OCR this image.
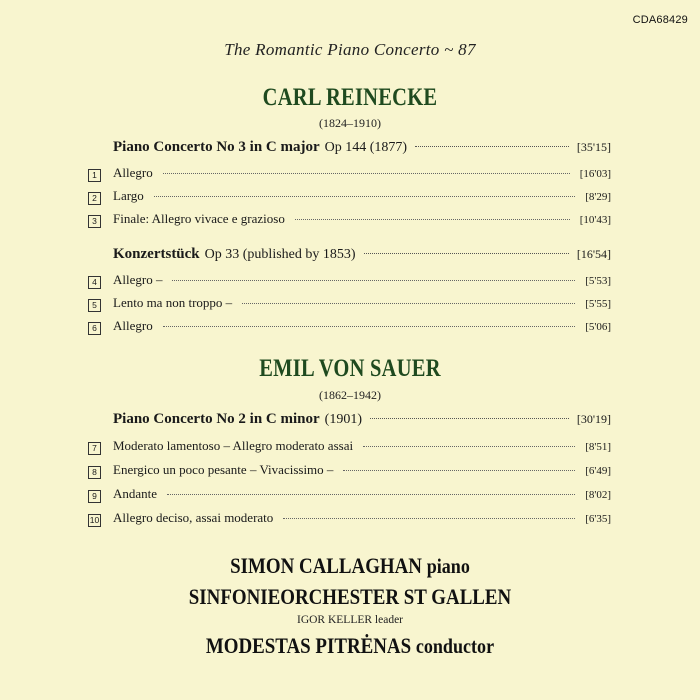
CDA68429
The Romantic Piano Concerto ~ 87
CARL REINECKE
(1824–1910)
Piano Concerto No 3 in C major Op 144 (1877)	[35'15]
1	Allegro	[16'03]
2	Largo	[8'29]
3	Finale: Allegro vivace e grazioso	[10'43]
Konzertstück Op 33 (published by 1853)	[16'54]
4	Allegro –	[5'53]
5	Lento ma non troppo –	[5'55]
6	Allegro	[5'06]
EMIL VON SAUER
(1862–1942)
Piano Concerto No 2 in C minor (1901)	[30'19]
7	Moderato lamentoso – Allegro moderato assai	[8'51]
8	Energico un poco pesante – Vivacissimo –	[6'49]
9	Andante	[8'02]
10 Allegro deciso, assai moderato	[6'35]
SIMON CALLAGHAN piano
SINFONIEORCHESTER ST GALLEN
IGOR KELLER leader
MODESTAS PITRĖNAS conductor
